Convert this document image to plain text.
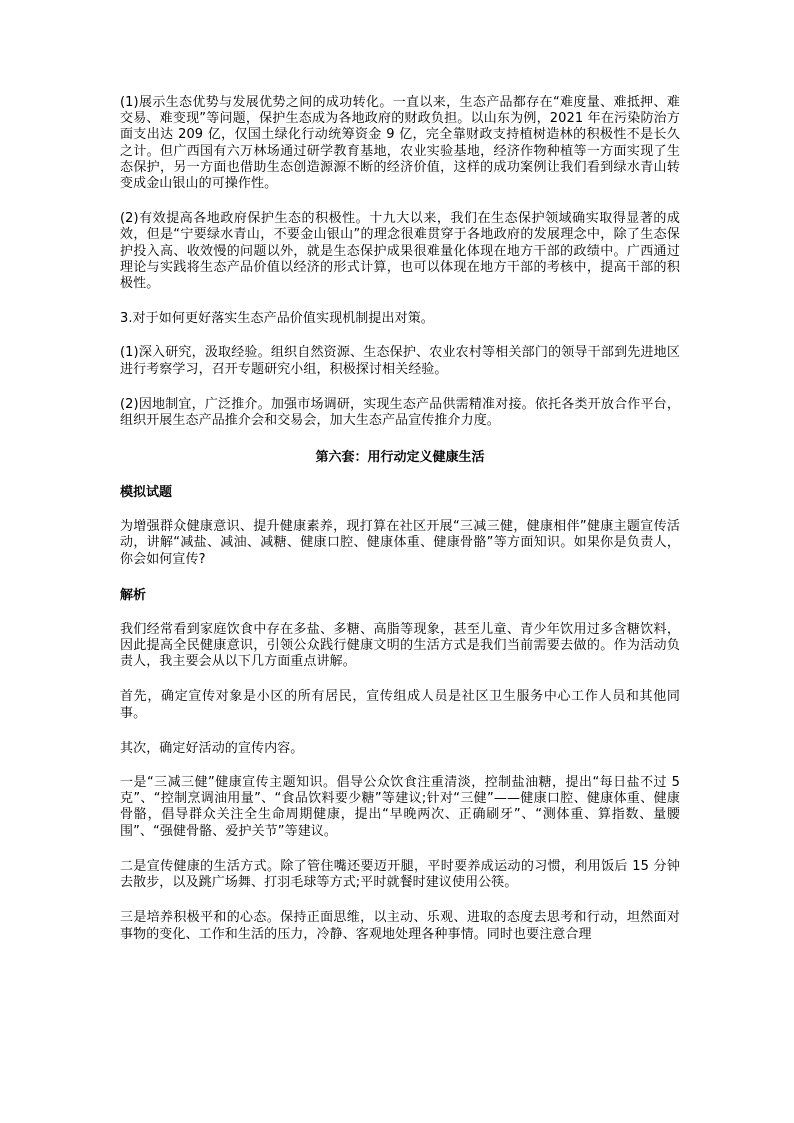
(1)展示生态优势与发展优势之间的成功转化。一直以来，生态产品都存在“难度量、难抵押、难交易、难变现”等问题，保护生态成为各地政府的财政负担。以山东为例，2021 年在污染防治方面支出达 209 亿，仅国土绿化行动统筹资金 9 亿，完全靠财政支持植树造林的积极性不是长久之计。但广西国有六万林场通过研学教育基地，农业实验基地，经济作物种植等一方面实现了生态保护，另一方面也借助生态创造源源不断的经济价值，这样的成功案例让我们看到绿水青山转变成金山银山的可操作性。

(2)有效提高各地政府保护生态的积极性。十九大以来，我们在生态保护领域确实取得显著的成效，但是“宁要绿水青山，不要金山银山”的理念很难贯穿于各地政府的发展理念中，除了生态保护投入高、收效慢的问题以外，就是生态保护成果很难量化体现在地方干部的政绩中。广西通过理论与实践将生态产品价值以经济的形式计算，也可以体现在地方干部的考核中，提高干部的积极性。

3.对于如何更好落实生态产品价值实现机制提出对策。

(1)深入研究，汲取经验。组织自然资源、生态保护、农业农村等相关部门的领导干部到先进地区进行考察学习，召开专题研究小组，积极探讨相关经验。

(2)因地制宜，广泛推介。加强市场调研，实现生态产品供需精准对接。依托各类开放合作平台，组织开展生态产品推介会和交易会，加大生态产品宣传推介力度。

第六套：用行动定义健康生活
模拟试题

为增强群众健康意识、提升健康素养，现打算在社区开展“三减三健，健康相伴”健康主题宣传活动，讲解“减盐、减油、减糖、健康口腔、健康体重、健康骨骼”等方面知识。如果你是负责人，你会如何宣传?

解析

我们经常看到家庭饮食中存在多盐、多糖、高脂等现象，甚至儿童、青少年饮用过多含糖饮料，因此提高全民健康意识，引领公众践行健康文明的生活方式是我们当前需要去做的。作为活动负责人，我主要会从以下几方面重点讲解。

首先，确定宣传对象是小区的所有居民，宣传组成人员是社区卫生服务中心工作人员和其他同事。

其次，确定好活动的宣传内容。

一是“三减三健”健康宣传主题知识。倡导公众饮食注重清淡，控制盐油糖，提出“每日盐不过 5 克”、“控制烹调油用量”、“食品饮料要少糖”等建议;针对“三健”——健康口腔、健康体重、健康骨骼，倡导群众关注全生命周期健康，提出“早晚两次、正确刷牙”、“测体重、算指数、量腰围”、“强健骨骼、爱护关节”等建议。

二是宣传健康的生活方式。除了管住嘴还要迈开腿，平时要养成运动的习惯，利用饭后 15 分钟去散步，以及跳广场舞、打羽毛球等方式;平时就餐时建议使用公筷。

三是培养积极平和的心态。保持正面思维，以主动、乐观、进取的态度去思考和行动，坦然面对事物的变化、工作和生活的压力，冷静、客观地处理各种事情。同时也要注意合理
